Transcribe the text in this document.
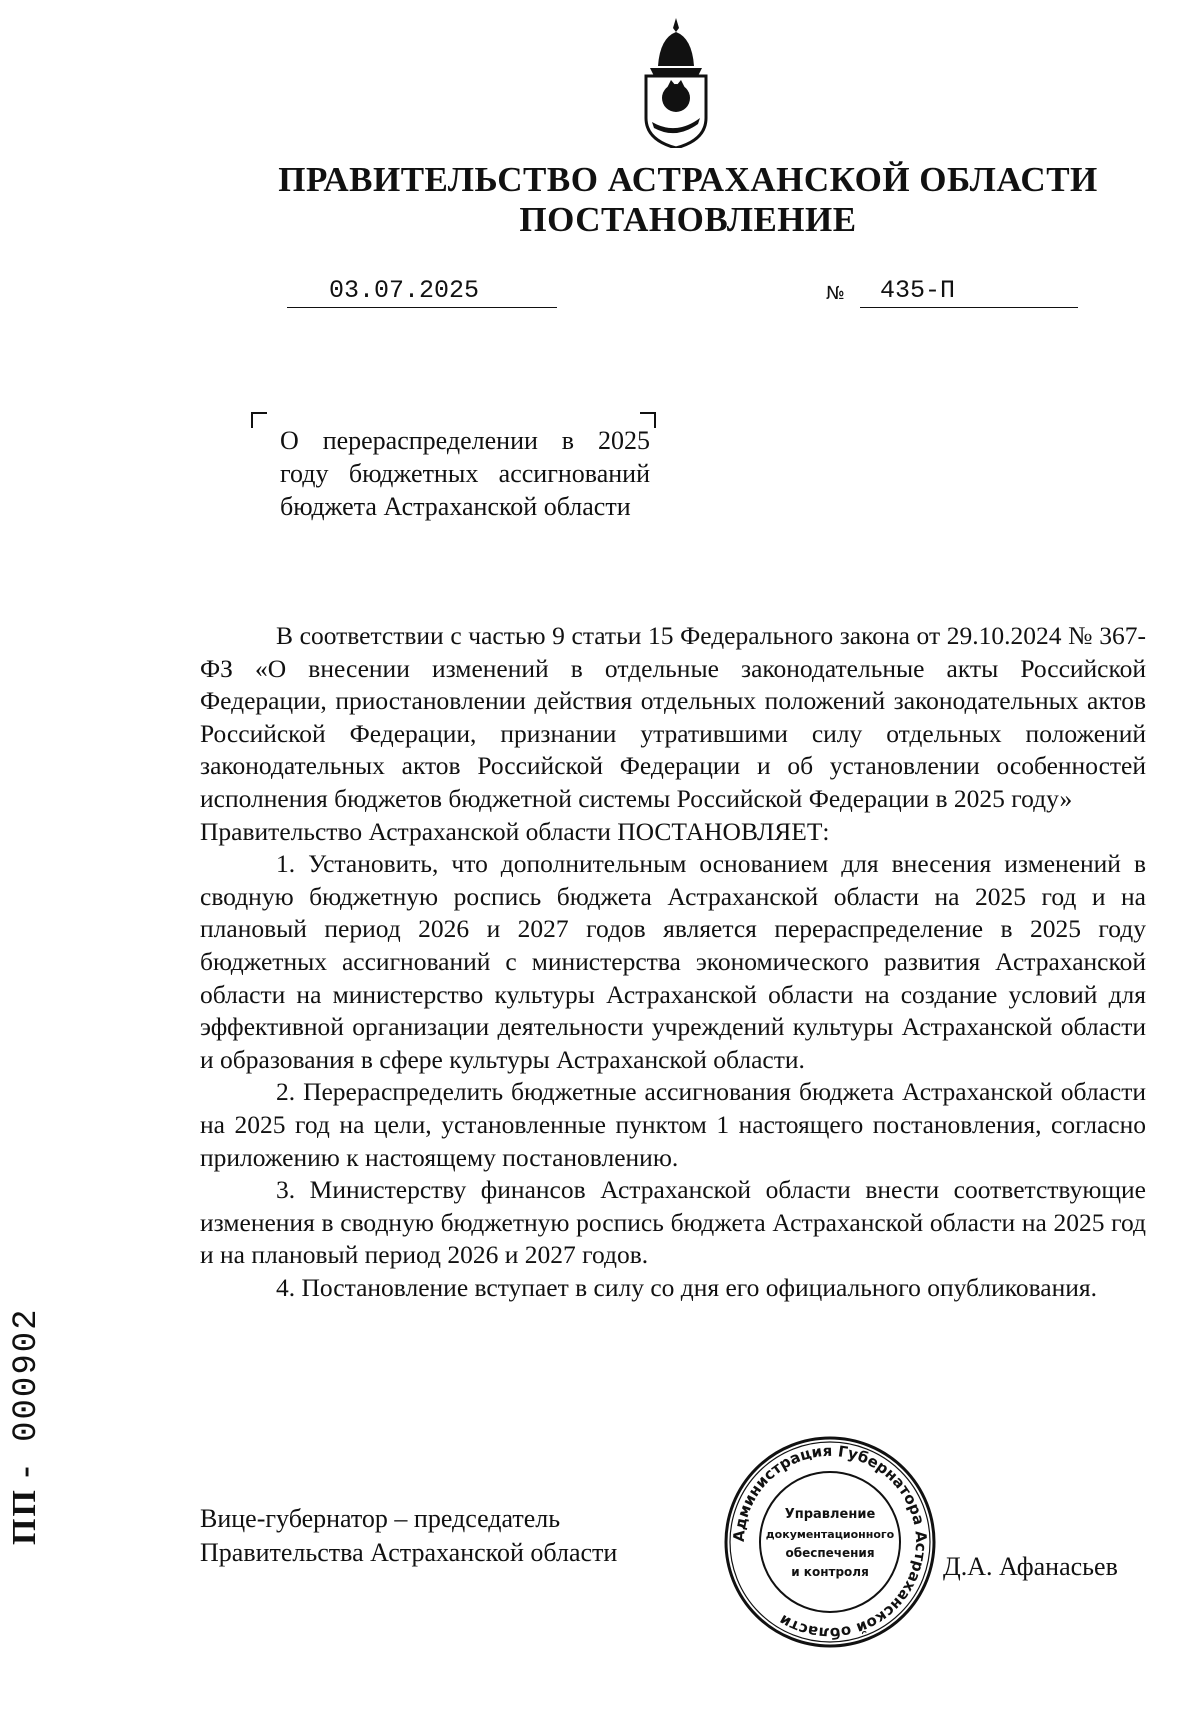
ПРАВИТЕЛЬСТВО АСТРАХАНСКОЙ ОБЛАСТИ
ПОСТАНОВЛЕНИЕ
03.07.2025	№	435-П
О перераспределении в 2025 году бюджетных ассигнований бюджета Астраханской области

В соответствии с частью 9 статьи 15 Федерального закона от 29.10.2024 № 367-ФЗ «О внесении изменений в отдельные законодательные акты Российской Федерации, приостановлении действия отдельных положений законодательных актов Российской Федерации, признании утратившими силу отдельных положений законодательных актов Российской Федерации и об установлении особенностей исполнения бюджетов бюджетной системы Российской Федерации в 2025 году»

Правительство Астраханской области ПОСТАНОВЛЯЕТ:

1. Установить, что дополнительным основанием для внесения изменений в сводную бюджетную роспись бюджета Астраханской области на 2025 год и на плановый период 2026 и 2027 годов является перераспределение в 2025 году бюджетных ассигнований с министерства экономического развития Астраханской области на министерство культуры Астраханской области на создание условий для эффективной организации деятельности учреждений культуры Астраханской области и образования в сфере культуры Астраханской области.

2. Перераспределить бюджетные ассигнования бюджета Астраханской области на 2025 год на цели, установленные пунктом 1 настоящего постановления, согласно приложению к настоящему постановлению.

3. Министерству финансов Астраханской области внести соответствующие изменения в сводную бюджетную роспись бюджета Астраханской области на 2025 год и на плановый период 2026 и 2027 годов.

4. Постановление вступает в силу со дня его официального опубликования.

Вице-губернатор – председатель
Правительства Астраханской области
Администрация Губернатора Астраханской области
Управление
документационного
обеспечения
и контроля	Д.А. Афанасьев
ПП - 000902
